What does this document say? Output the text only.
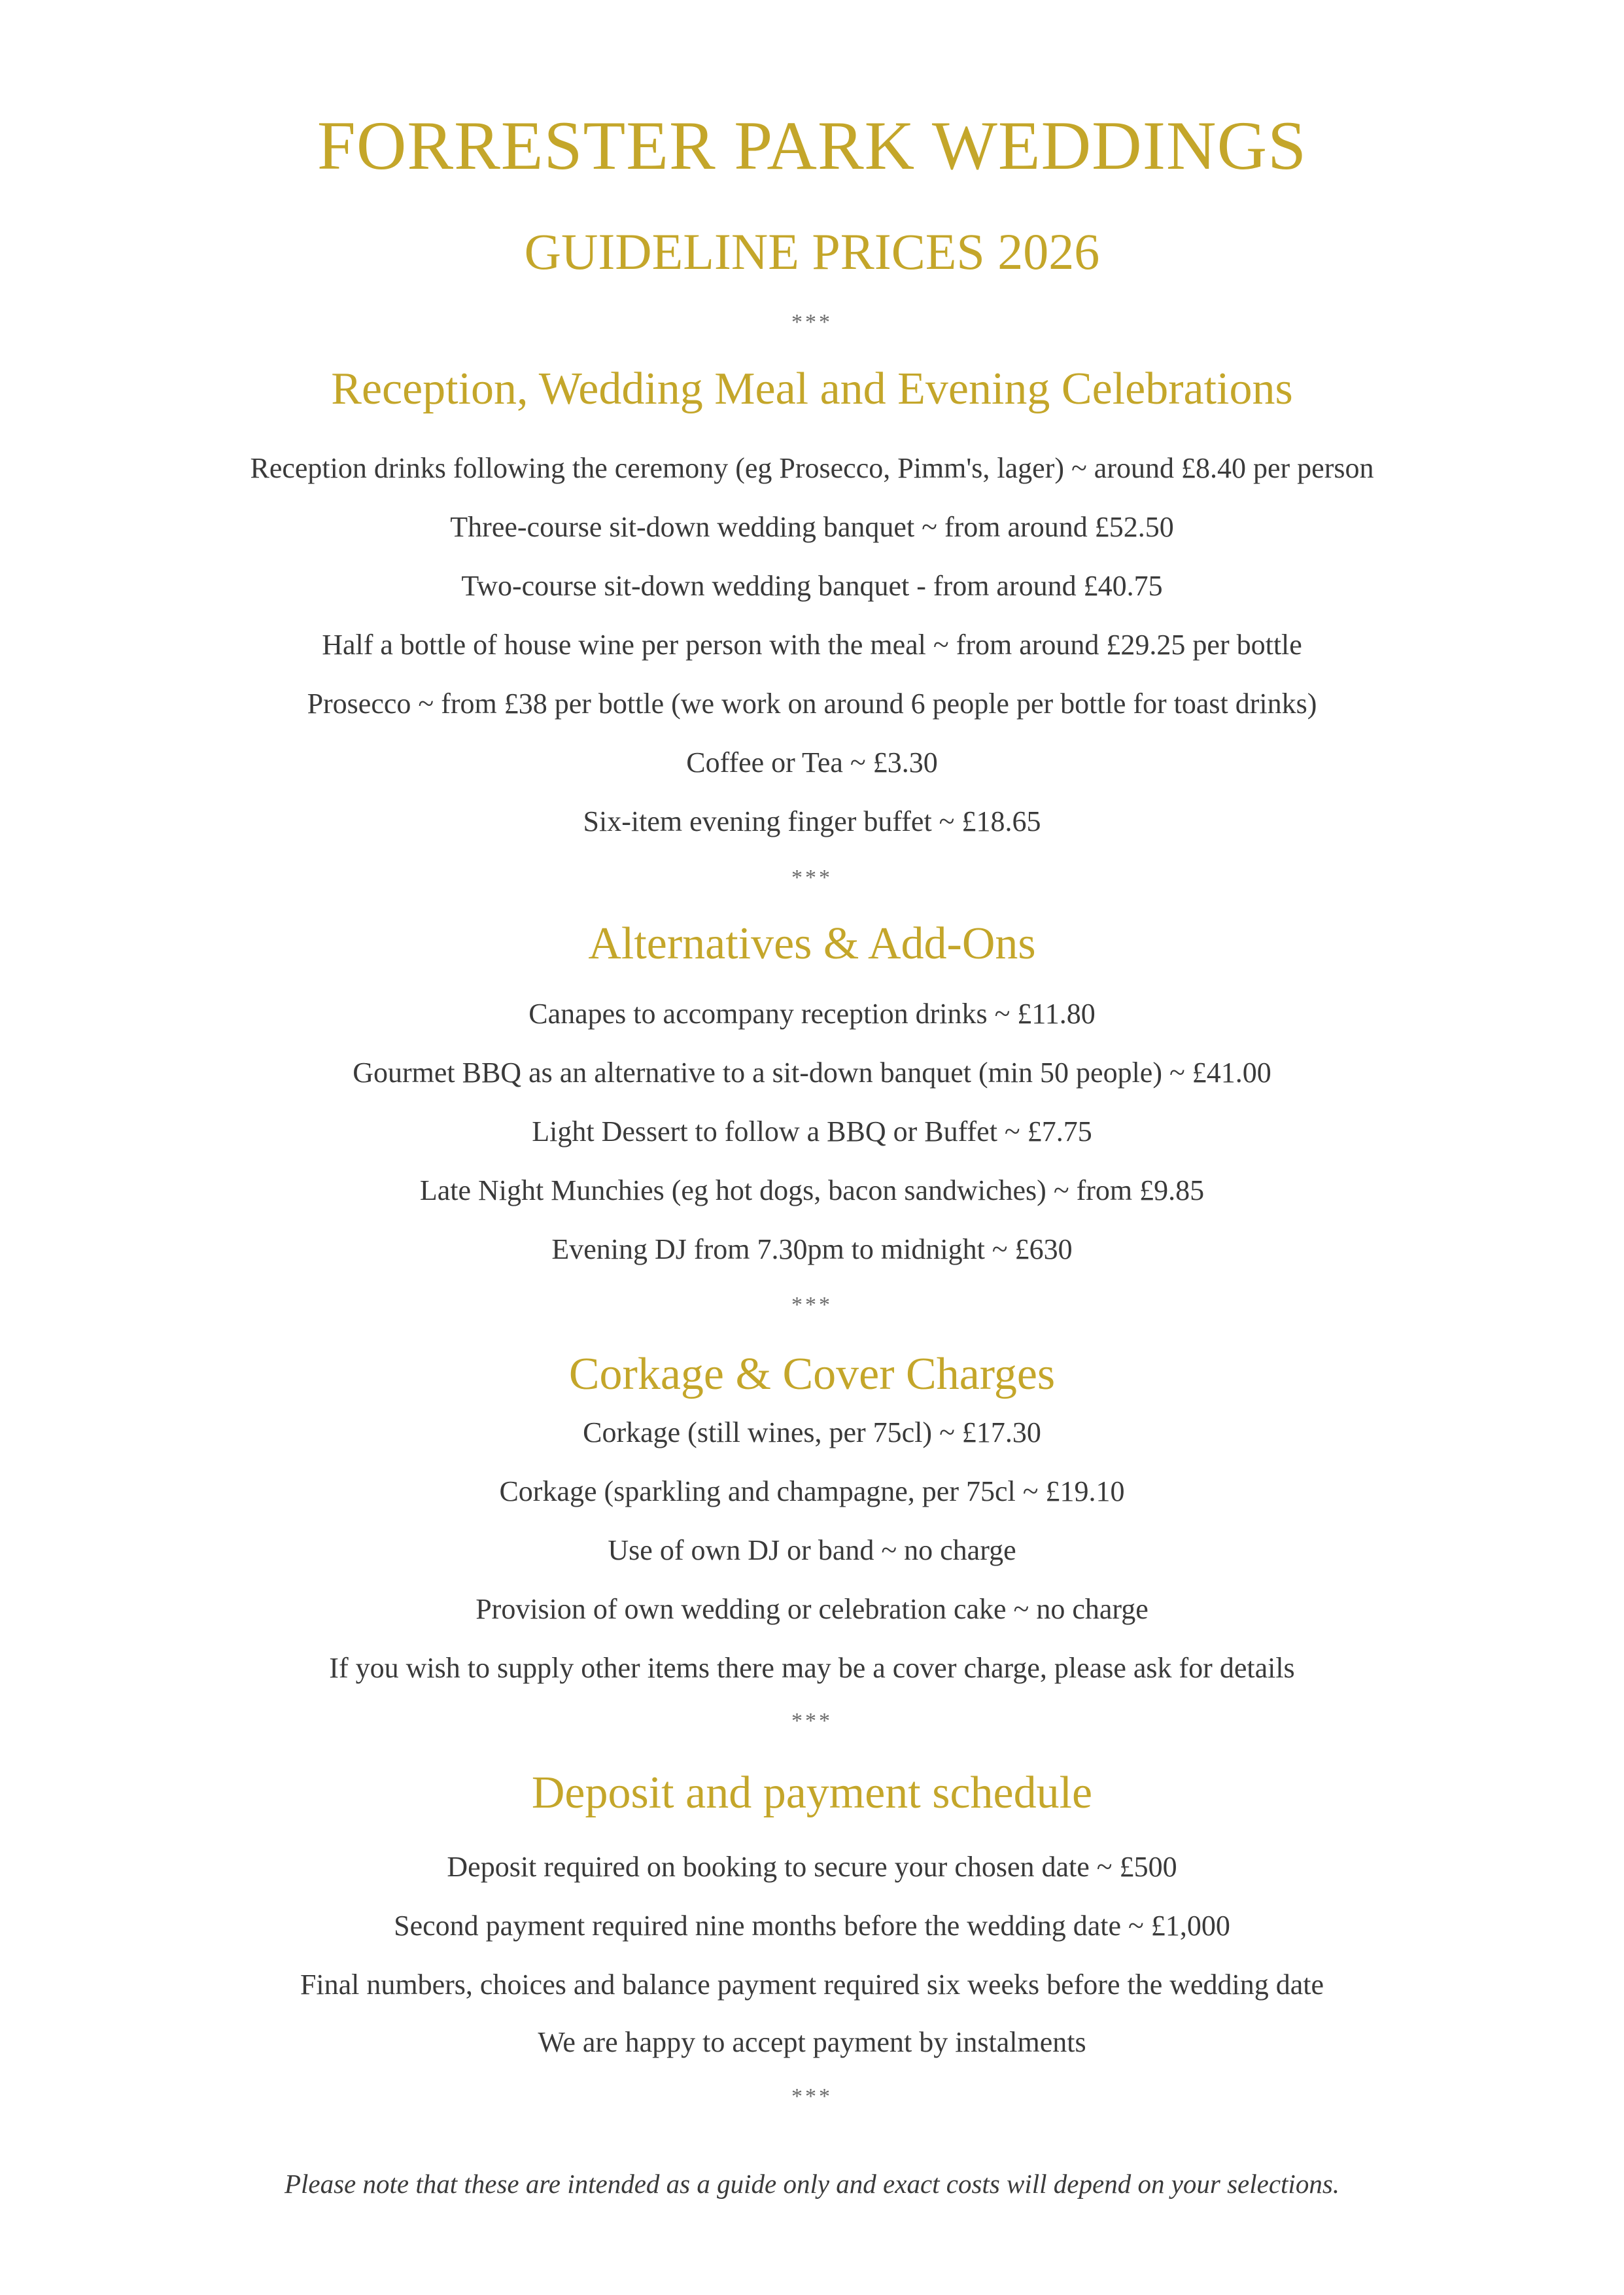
FORRESTER PARK WEDDINGS
GUIDELINE PRICES 2026
***
Reception, Wedding Meal and Evening Celebrations
Reception drinks following the ceremony (eg Prosecco, Pimm's, lager) ~ around £8.40 per person
Three-course sit-down wedding banquet ~ from around £52.50
Two-course sit-down wedding banquet - from around £40.75
Half a bottle of house wine per person with the meal ~ from around £29.25 per bottle
Prosecco ~ from £38 per bottle (we work on around 6 people per bottle for toast drinks)
Coffee or Tea ~ £3.30
Six-item evening finger buffet ~ £18.65
***
Alternatives & Add-Ons
Canapes to accompany reception drinks ~ £11.80
Gourmet BBQ as an alternative to a sit-down banquet (min 50 people) ~ £41.00
Light Dessert to follow a BBQ or Buffet ~ £7.75
Late Night Munchies (eg hot dogs, bacon sandwiches) ~ from £9.85
Evening DJ from 7.30pm to midnight ~ £630
***
Corkage & Cover Charges
Corkage (still wines, per 75cl) ~ £17.30
Corkage (sparkling and champagne, per 75cl ~ £19.10
Use of own DJ or band ~ no charge
Provision of own wedding or celebration cake ~ no charge
If you wish to supply other items there may be a cover charge, please ask for details
***
Deposit and payment schedule
Deposit required on booking to secure your chosen date ~ £500
Second payment required nine months before the wedding date ~ £1,000
Final numbers, choices and balance payment required six weeks before the wedding date
We are happy to accept payment by instalments
***
Please note that these are intended as a guide only and exact costs will depend on your selections.
